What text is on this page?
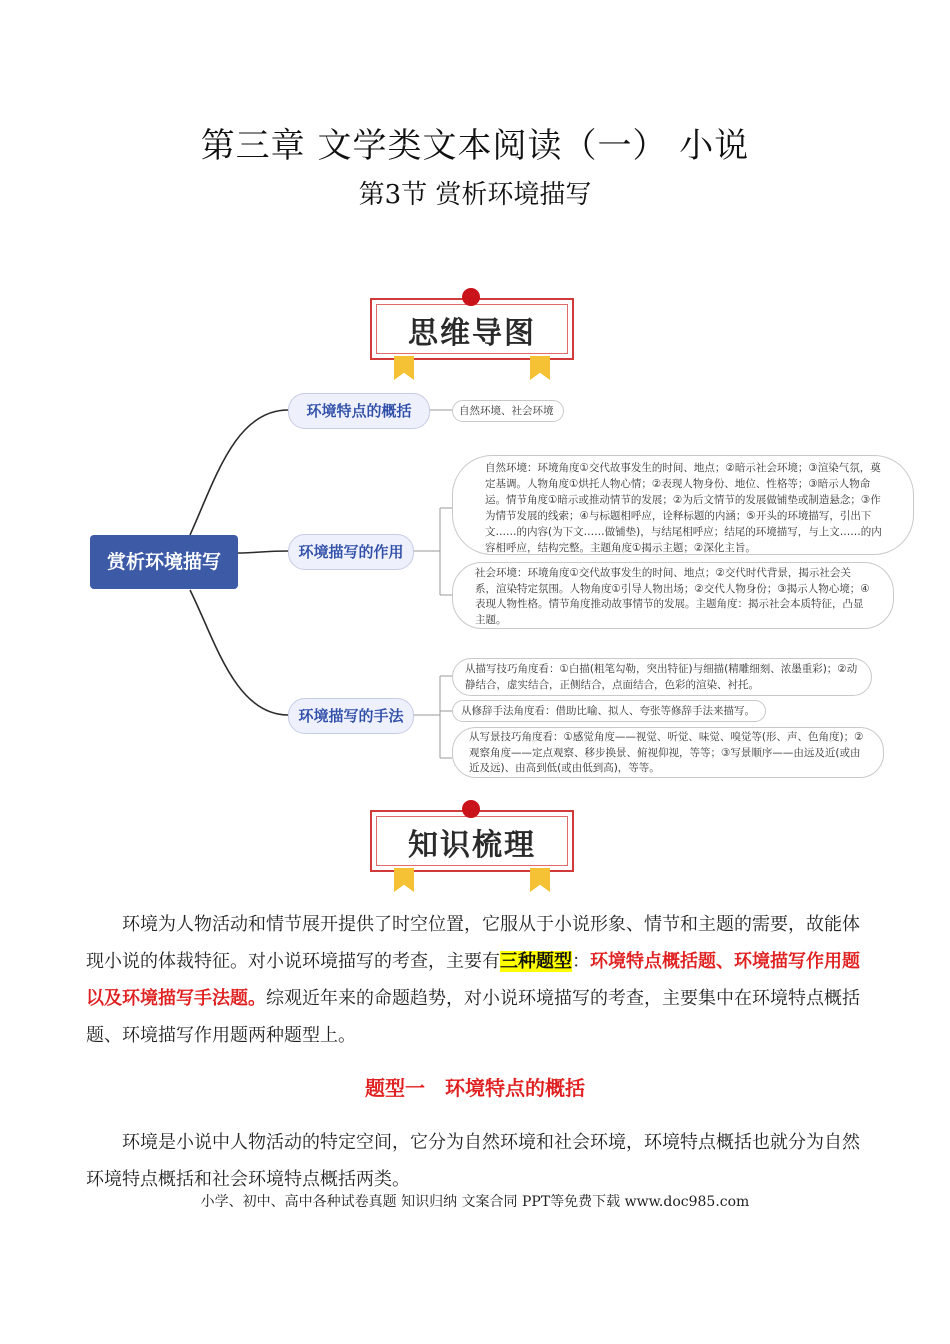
第三章 文学类文本阅读（一） 小说
第3节 赏析环境描写
思维导图
赏析环境描写
环境特点的概括
环境描写的作用
环境描写的手法
自然环境、社会环境
自然环境：环境角度①交代故事发生的时间、地点；②暗示社会环境；③渲染气氛，奠定基调。人物角度①烘托人物心情；②表现人物身份、地位、性格等；③暗示人物命运。情节角度①暗示或推动情节的发展；②为后文情节的发展做铺垫或制造悬念；③作为情节发展的线索；④与标题相呼应，诠释标题的内涵；⑤开头的环境描写，引出下文……的内容(为下文……做铺垫)，与结尾相呼应；结尾的环境描写，与上文……的内容相呼应，结构完整。主题角度①揭示主题；②深化主旨。
社会环境：环境角度①交代故事发生的时间、地点；②交代时代背景，揭示社会关系，渲染特定氛围。人物角度①引导人物出场；②交代人物身份；③揭示人物心境；④表现人物性格。情节角度推动故事情节的发展。主题角度：揭示社会本质特征，凸显主题。
从描写技巧角度看：①白描(粗笔勾勒，突出特征)与细描(精雕细刻、浓墨重彩)；②动静结合，虚实结合，正侧结合，点面结合，色彩的渲染、衬托。
从修辞手法角度看：借助比喻、拟人、夸张等修辞手法来描写。
从写景技巧角度看：①感觉角度——视觉、听觉、味觉、嗅觉等(形、声、色角度)；②观察角度——定点观察、移步换景、俯视仰视，等等；③写景顺序——由远及近(或由近及远)、由高到低(或由低到高)，等等。
知识梳理
环境为人物活动和情节展开提供了时空位置，它服从于小说形象、情节和主题的需要，故能体现小说的体裁特征。对小说环境描写的考查，主要有三种题型：环境特点概括题、环境描写作用题以及环境描写手法题。综观近年来的命题趋势，对小说环境描写的考查，主要集中在环境特点概括题、环境描写作用题两种题型上。
题型一　环境特点的概括
环境是小说中人物活动的特定空间，它分为自然环境和社会环境，环境特点概括也就分为自然环境特点概括和社会环境特点概括两类。
小学、初中、高中各种试卷真题 知识归纳 文案合同 PPT等免费下载 www.doc985.com
